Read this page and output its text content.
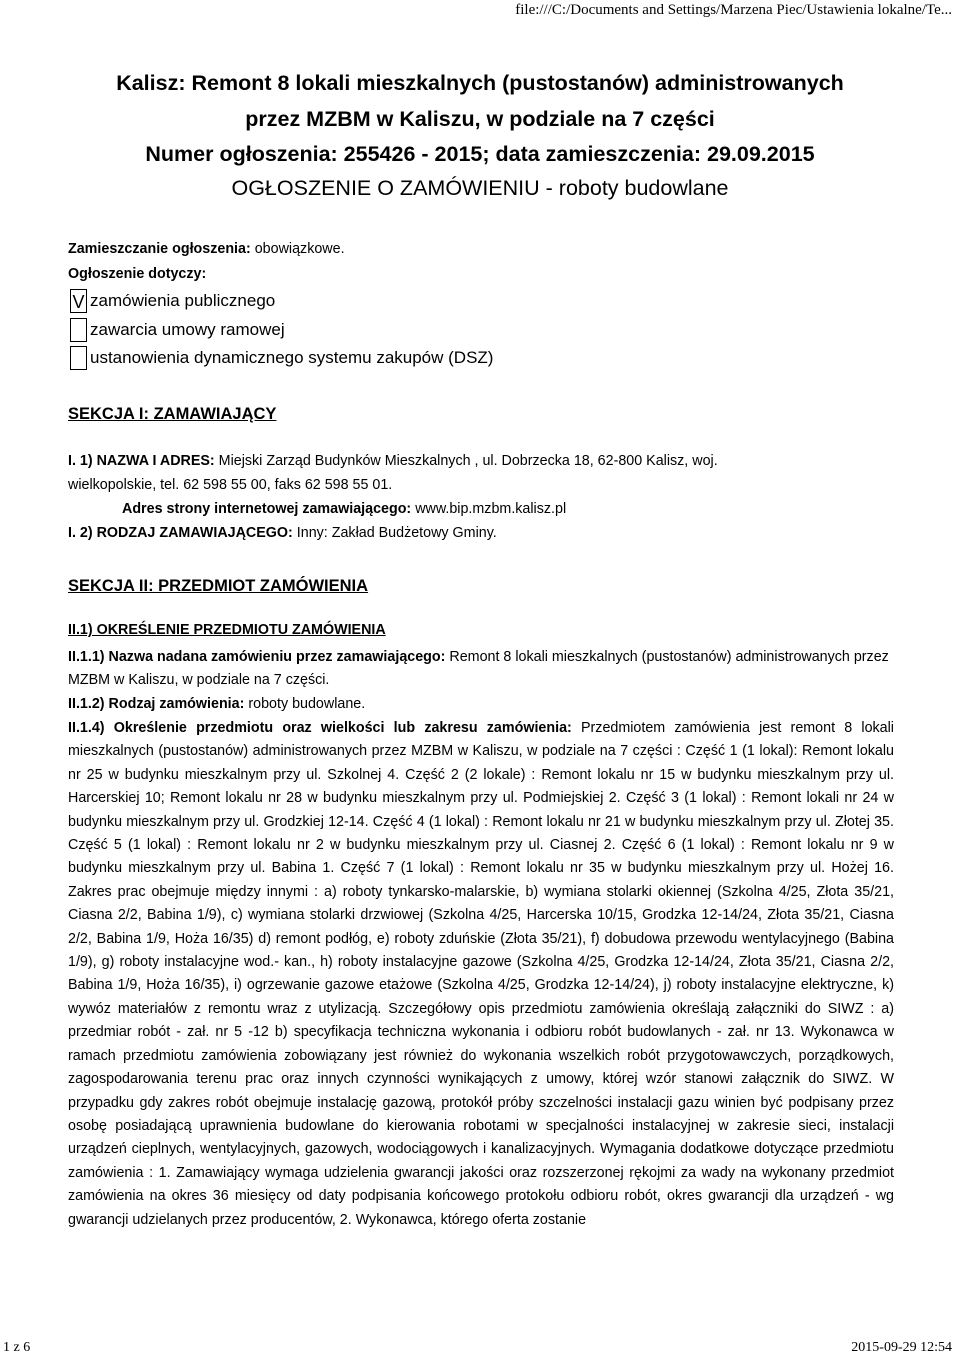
file:///C:/Documents and Settings/Marzena Piec/Ustawienia lokalne/Te...
Kalisz: Remont 8 lokali mieszkalnych (pustostanów) administrowanych
przez MZBM w Kaliszu, w podziale na 7 części
Numer ogłoszenia: 255426 - 2015; data zamieszczenia: 29.09.2015
OGŁOSZENIE O ZAMÓWIENIU - roboty budowlane
Zamieszczanie ogłoszenia: obowiązkowe.
Ogłoszenie dotyczy:
V zamówienia publicznego
zawarcia umowy ramowej
ustanowienia dynamicznego systemu zakupów (DSZ)
SEKCJA I: ZAMAWIAJĄCY
I. 1) NAZWA I ADRES: Miejski Zarząd Budynków Mieszkalnych , ul. Dobrzecka 18, 62-800 Kalisz, woj.
wielkopolskie, tel. 62 598 55 00, faks 62 598 55 01.
Adres strony internetowej zamawiającego: www.bip.mzbm.kalisz.pl
I. 2) RODZAJ ZAMAWIAJĄCEGO: Inny: Zakład Budżetowy Gminy.
SEKCJA II: PRZEDMIOT ZAMÓWIENIA
II.1) OKREŚLENIE PRZEDMIOTU ZAMÓWIENIA
II.1.1) Nazwa nadana zamówieniu przez zamawiającego: Remont 8 lokali mieszkalnych (pustostanów) administrowanych przez MZBM w Kaliszu, w podziale na 7 części.
II.1.2) Rodzaj zamówienia: roboty budowlane.
II.1.4) Określenie przedmiotu oraz wielkości lub zakresu zamówienia: Przedmiotem zamówienia jest remont 8 lokali mieszkalnych (pustostanów) administrowanych przez MZBM w Kaliszu, w podziale na 7 części : Część 1 (1 lokal): Remont lokalu nr 25 w budynku mieszkalnym przy ul. Szkolnej 4. Część 2 (2 lokale) : Remont lokalu nr 15 w budynku mieszkalnym przy ul. Harcerskiej 10; Remont lokalu nr 28 w budynku mieszkalnym przy ul. Podmiejskiej 2. Część 3 (1 lokal) : Remont lokali nr 24 w budynku mieszkalnym przy ul. Grodzkiej 12-14. Część 4 (1 lokal) : Remont lokalu nr 21 w budynku mieszkalnym przy ul. Złotej 35. Część 5 (1 lokal) : Remont lokalu nr 2 w budynku mieszkalnym przy ul. Ciasnej 2. Część 6 (1 lokal) : Remont lokalu nr 9 w budynku mieszkalnym przy ul. Babina 1. Część 7 (1 lokal) : Remont lokalu nr 35 w budynku mieszkalnym przy ul. Hożej 16. Zakres prac obejmuje między innymi : a) roboty tynkarsko-malarskie, b) wymiana stolarki okiennej (Szkolna 4/25, Złota 35/21, Ciasna 2/2, Babina 1/9), c) wymiana stolarki drzwiowej (Szkolna 4/25, Harcerska 10/15, Grodzka 12-14/24, Złota 35/21, Ciasna 2/2, Babina 1/9, Hoża 16/35) d) remont podłóg, e) roboty zduńskie (Złota 35/21), f) dobudowa przewodu wentylacyjnego (Babina 1/9), g) roboty instalacyjne wod.- kan., h) roboty instalacyjne gazowe (Szkolna 4/25, Grodzka 12-14/24, Złota 35/21, Ciasna 2/2, Babina 1/9, Hoża 16/35), i) ogrzewanie gazowe etażowe (Szkolna 4/25, Grodzka 12-14/24), j) roboty instalacyjne elektryczne, k) wywóz materiałów z remontu wraz z utylizacją. Szczegółowy opis przedmiotu zamówienia określają załączniki do SIWZ : a) przedmiar robót - zał. nr 5 -12 b) specyfikacja techniczna wykonania i odbioru robót budowlanych - zał. nr 13. Wykonawca w ramach przedmiotu zamówienia zobowiązany jest również do wykonania wszelkich robót przygotowawczych, porządkowych, zagospodarowania terenu prac oraz innych czynności wynikających z umowy, której wzór stanowi załącznik do SIWZ. W przypadku gdy zakres robót obejmuje instalację gazową, protokół próby szczelności instalacji gazu winien być podpisany przez osobę posiadającą uprawnienia budowlane do kierowania robotami w specjalności instalacyjnej w zakresie sieci, instalacji urządzeń cieplnych, wentylacyjnych, gazowych, wodociągowych i kanalizacyjnych. Wymagania dodatkowe dotyczące przedmiotu zamówienia : 1. Zamawiający wymaga udzielenia gwarancji jakości oraz rozszerzonej rękojmi za wady na wykonany przedmiot zamówienia na okres 36 miesięcy od daty podpisania końcowego protokołu odbioru robót, okres gwarancji dla urządzeń - wg gwarancji udzielanych przez producentów, 2. Wykonawca, którego oferta zostanie
1 z 6	2015-09-29 12:54
